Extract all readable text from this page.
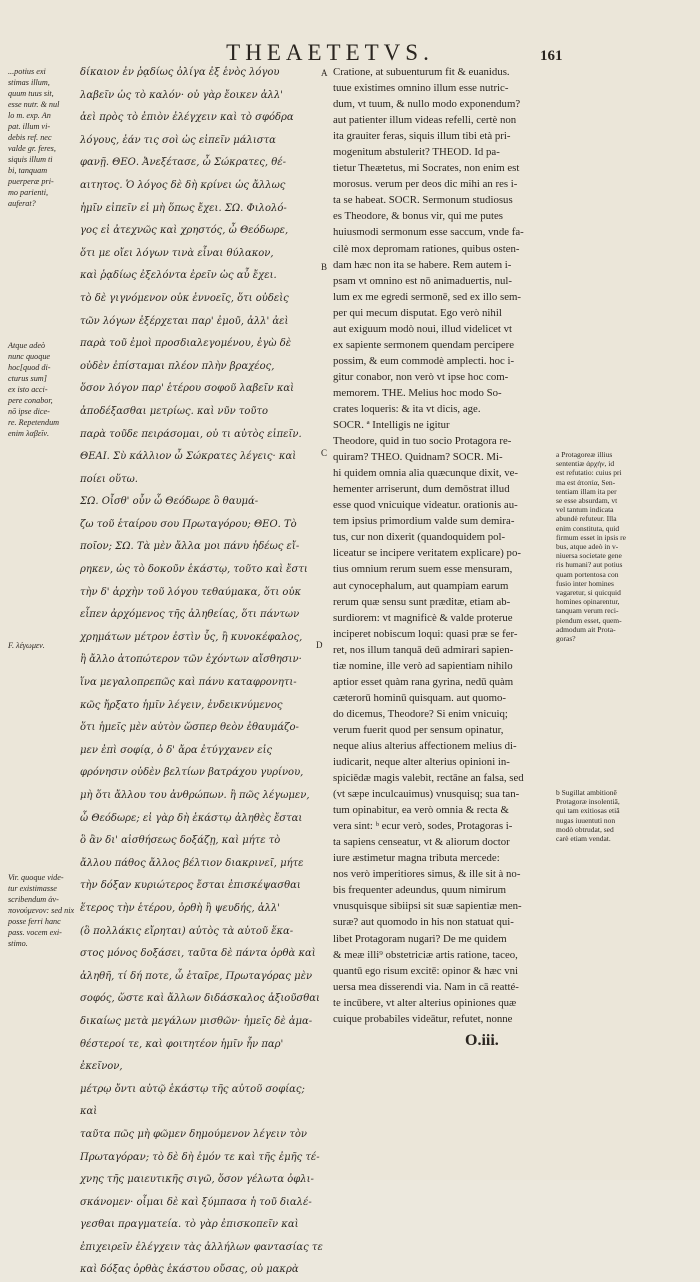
THEAETETVS.	161

δίκαιον ἐν ῥᾳδίως ὀλίγα ἐξ ἑνὸς λόγου

λαβεῖν ὡς τὸ καλόν· οὐ γὰρ ἔοικεν ἀλλ'

ἀεὶ πρὸς τὸ ἐπιὸν ἐλέγχειν καὶ τὸ σφόδρα

λόγους, ἐάν τις σοὶ ὡς εἰπεῖν μάλιστα

φανῇ. ΘΕΟ. Ἀνεξέτασε, ὦ Σώκρατες, θέ-

αιτητος. Ὁ λόγος δὲ δὴ κρίνει ὡς ἄλλως

ἡμῖν εἰπεῖν εἰ μὴ ὅπως ἔχει. ΣΩ. Φιλολό-

γος εἰ ἀτεχνῶς καὶ χρηστός, ὦ Θεόδωρε,

ὅτι με οἴει λόγων τινὰ εἶναι θύλακον,

καὶ ῥᾳδίως ἐξελόντα ἐρεῖν ὡς αὖ ἔχει.

τὸ δὲ γιγνόμενον οὐκ ἐννοεῖς, ὅτι οὐδεὶς

τῶν λόγων ἐξέρχεται παρ' ἐμοῦ, ἀλλ' ἀεὶ

παρὰ τοῦ ἐμοὶ προσδιαλεγομένου, ἐγὼ δὲ

οὐδὲν ἐπίσταμαι πλέον πλὴν βραχέος,

ὅσον λόγον παρ' ἑτέρου σοφοῦ λαβεῖν καὶ

ἀποδέξασθαι μετρίως. καὶ νῦν τοῦτο

παρὰ τοῦδε πειράσομαι, οὐ τι αὐτὸς εἰπεῖν.

ΘΕΑΙ. Σὺ κάλλιον ὦ Σώκρατες λέγεις· καὶ

ποίει οὕτω.

ΣΩ. Οἶσθ' οὖν ὦ Θεόδωρε ὃ θαυμά-

ζω τοῦ ἑταίρου σου Πρωταγόρου; ΘΕΟ. Τὸ

ποῖον; ΣΩ. Τὰ μὲν ἄλλα μοι πάνυ ἡδέως εἴ-

ρηκεν, ὡς τὸ δοκοῦν ἑκάστῳ, τοῦτο καὶ ἔστι

τὴν δ' ἀρχὴν τοῦ λόγου τεθαύμακα, ὅτι οὐκ

εἶπεν ἀρχόμενος τῆς ἀληθείας, ὅτι πάντων

χρημάτων μέτρον ἐστὶν ὗς, ἢ κυνοκέφαλος,

ἢ ἄλλο ἀτοπώτερον τῶν ἐχόντων αἴσθησιν·

ἵνα μεγαλοπρεπῶς καὶ πάνυ καταφρονητι-

κῶς ἤρξατο ἡμῖν λέγειν, ἐνδεικνύμενος

ὅτι ἡμεῖς μὲν αὐτὸν ὥσπερ θεὸν ἐθαυμάζο-

μεν ἐπὶ σοφίᾳ, ὁ δ' ἄρα ἐτύγχανεν εἰς

φρόνησιν οὐδὲν βελτίων βατράχου γυρίνου,

μὴ ὅτι ἄλλου του ἀνθρώπων. ἢ πῶς λέγωμεν,

ὦ Θεόδωρε; εἰ γὰρ δὴ ἑκάστῳ ἀληθὲς ἔσται

ὃ ἂν δι' αἰσθήσεως δοξάζῃ, καὶ μήτε τὸ

ἄλλου πάθος ἄλλος βέλτιον διακρινεῖ, μήτε

τὴν δόξαν κυριώτερος ἔσται ἐπισκέψασθαι

ἕτερος τὴν ἑτέρου, ὀρθὴ ἢ ψευδής, ἀλλ'

(ὃ πολλάκις εἴρηται) αὐτὸς τὰ αὑτοῦ ἕκα-

στος μόνος δοξάσει, ταῦτα δὲ πάντα ὀρθὰ καὶ

ἀληθῆ, τί δή ποτε, ὦ ἑταῖρε, Πρωταγόρας μὲν

σοφός, ὥστε καὶ ἄλλων διδάσκαλος ἀξιοῦσθαι

δικαίως μετὰ μεγάλων μισθῶν· ἡμεῖς δὲ ἀμα-

θέστεροί τε, καὶ φοιτητέον ἡμῖν ἦν παρ' ἐκεῖνον,

μέτρῳ ὄντι αὐτῷ ἑκάστῳ τῆς αὐτοῦ σοφίας; καὶ

ταῦτα πῶς μὴ φῶμεν δημούμενον λέγειν τὸν

Πρωταγόραν; τὸ δὲ δὴ ἐμόν τε καὶ τῆς ἐμῆς τέ-

χνης τῆς μαιευτικῆς σιγῶ, ὅσον γέλωτα ὀφλι-

σκάνομεν· οἶμαι δὲ καὶ ξύμπασα ἡ τοῦ διαλέ-

γεσθαι πραγματεία. τὸ γὰρ ἐπισκοπεῖν καὶ

ἐπιχειρεῖν ἐλέγχειν τὰς ἀλλήλων φαντασίας τε καὶ δόξας ὀρθὰς ἑκάστου οὔσας, οὐ μακρὰ

Cratione, at subuenturum fit & euanidus.

tuue existimes omnino illum esse nutric-

dum, vt tuum, & nullo modo exponendum?

aut patienter illum videas refelli, certè non

ita grauiter feras, siquis illum tibi età pri-

mogenitum abstulerit? THEOD. Id pa-

tietur Theætetus, mi Socrates, non enim est

morosus. verum per deos dic mihi an res i-

ta se habeat. SOCR. Sermonum studiosus

es Theodore, & bonus vir, qui me putes

huiusmodi sermonum esse saccum, vnde fa-

cilè mox depromam rationes, quibus osten-

dam hæc non ita se habere. Rem autem i-

psam vt omnino est nō animaduertis, nul-

lum ex me egredi sermonē, sed ex illo sem-

per qui mecum disputat. Ego verò nihil

aut exiguum modò noui, illud videlicet vt

ex sapiente sermonem quendam percipere

possim, & eum commodè amplecti. hoc i-

gitur conabor, non verò vt ipse hoc com-

memorem. THE. Melius hoc modo So-

crates loqueris: & ita vt dicis, age.

SOCR. ª Intelligis ne igitur

Theodore, quid in tuo socio Protagora re-

quiram? THEO. Quidnam? SOCR. Mi-

hi quidem omnia alia quæcunque dixit, ve-

hementer arriserunt, dum demōstrat illud

esse quod vnicuique videatur. orationis au-

tem ipsius primordium valde sum demira-

tus, cur non dixerit (quandoquidem pol-

liceatur se incipere veritatem explicare) po-

tius omnium rerum suem esse mensuram,

aut cynocephalum, aut quampiam earum

rerum quæ sensu sunt præditæ, etiam ab-

surdiorem: vt magnificè & valde proterue

inciperet nobiscum loqui: quasi præ se fer-

ret, nos illum tanquā deū admirari sapien-

tiæ nomine, ille verò ad sapientiam nihilo

aptior esset quàm rana gyrina, nedū quàm

cæterorū hominū quisquam. aut quomo-

do dicemus, Theodore? Si enim vnicuiq;

verum fuerit quod per sensum opinatur,

neque alius alterius affectionem melius di-

iudicarit, neque alter alterius opinioni in-

spiciēdæ magis valebit, rectāne an falsa, sed

(vt sæpe inculcauimus) vnusquisq; sua tan-

tum opinabitur, ea verò omnia & recta &

vera sint: ᵇ ecur verò, sodes, Protagoras i-

ta sapiens censeatur, vt & aliorum doctor

iure æstimetur magna tributa mercede:

nos verò imperitiores simus, & ille sit à no-

bis frequenter adeundus, quum nimirum

vnusquisque sibiipsi sit suæ sapientiæ men-

suræ? aut quomodo in his non statuat qui-

libet Protagoram nugari? De me quidem

& meæ illi⁹ obstetriciæ artis ratione, taceo,

quantū ego risum excitē: opinor & hæc vni

uersa mea disserendi via. Nam in cā reatté-

te incūbere, vt alter alterius opiniones quæ

cuique probabiles videātur, refutet, nonne

...potius exi
stimas illum,
quum tuus sit,
esse nutr. & nul
lo m. exp. An
pat. illum vi-
debis ref. nec
valde gr. feres,
siquis illum ti
bi, tanquam
puerperæ pri-
mo parienti,
auferat?
Atque adeò
nunc quoque
hoc[quod di-
cturus sum]
ex isto acci-
pere conabor,
nō ipse dice-
re. Repetendum
enim λαβεῖν.
F. λέγωμεν.
Vir. quoque vide-
tur existimasse
scribendum ἀν-
πονούμενον: sed nix
posse ferri hanc
pass. vocem exi-
stimo.

a Protagoreæ illius

sententiæ ἀρχήν, id

est refutatio: cuius pri

ma est ἀτοπία, Sen-

tentiam illam ita per

se esse absurdam, vt

vel tantum indicata

abundè refuteur. Illa

enim constituta, quid

firmum esset in ipsis re

bus, atque adeò in v-

niuersa societate gene

ris humani? aut potius

quam portentosa con

fusio inter homines

vagaretur, si quicquid

homines opinarentur,

tanquam verum reci-

piendum esset, quem-

admodum ait Prota-

goras?

b Sugillat ambitionē

Protagoræ insolentiā,

qui tam exitiosas etiā

nugas iuuentuti non

modò obtrudat, sed

carè etiam vendat.

A
B
C
D
O.iii.
